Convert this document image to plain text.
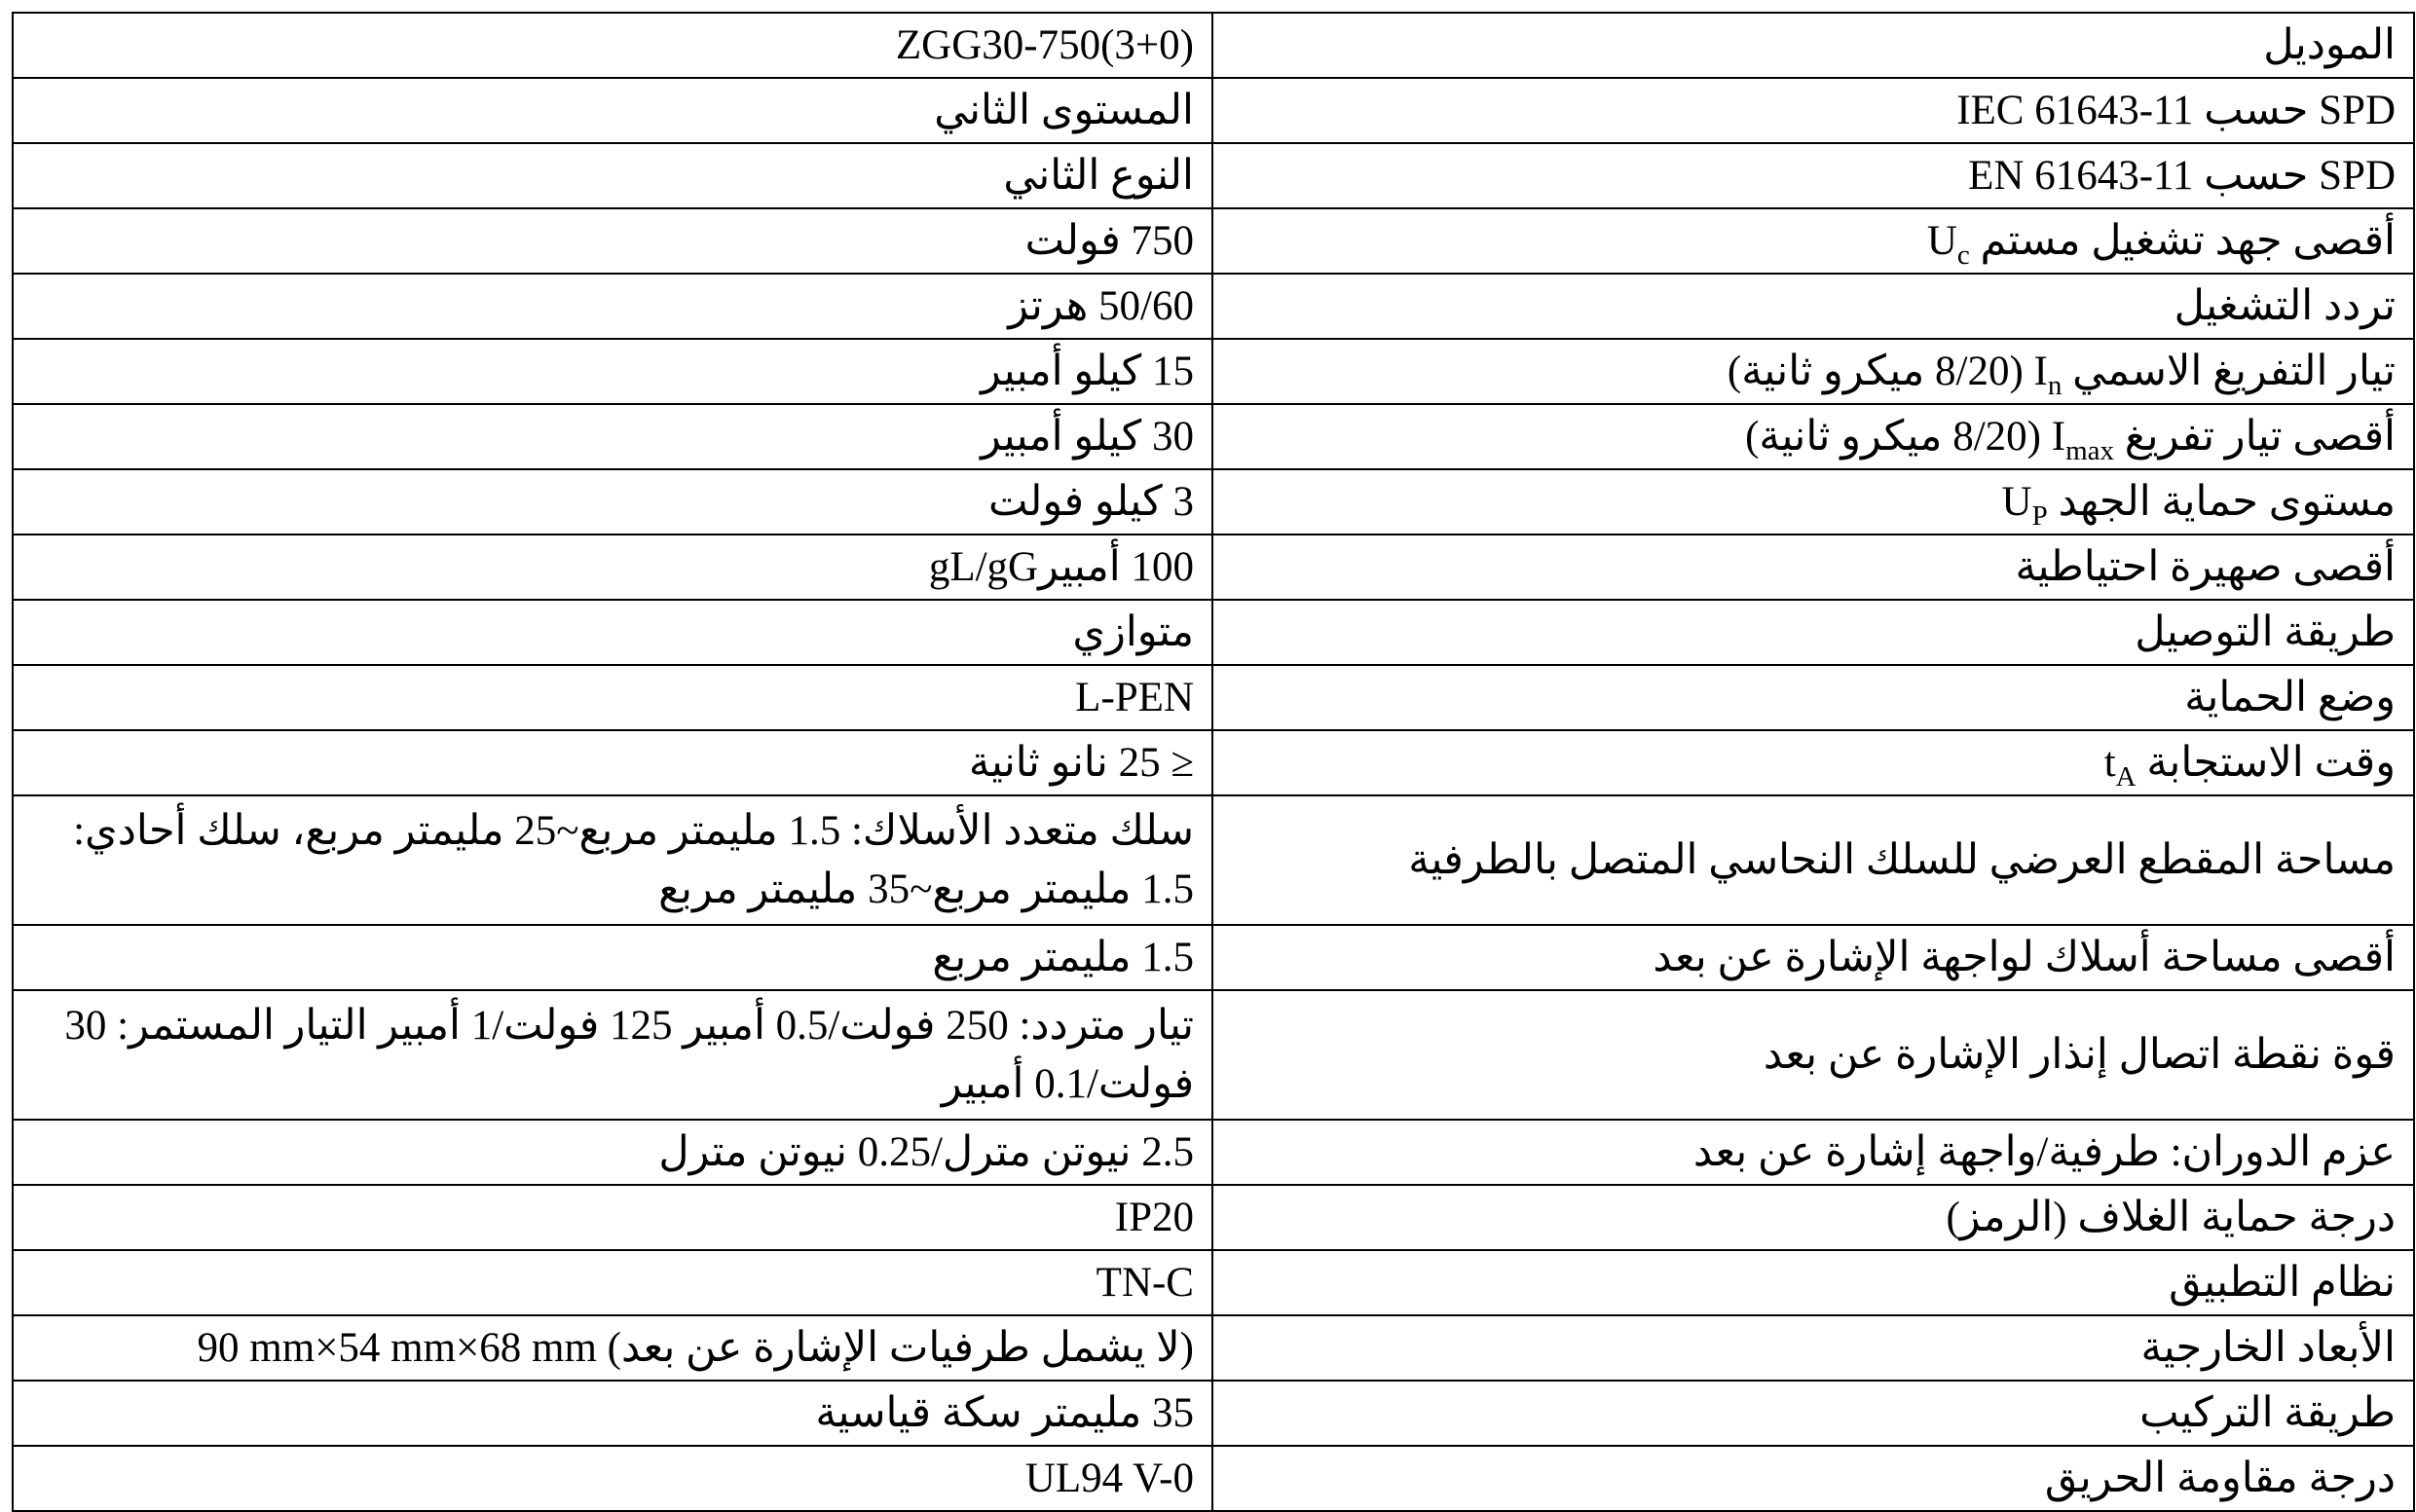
ZGG30-750(3+0)	الموديل
المستوى الثاني	SPD حسب IEC 61643-11
النوع الثاني	SPD حسب EN 61643-11
750 فولت	أقصى جهد تشغيل مستم $U_c$
50/60 هرتز	تردد التشغيل
15 كيلو أمبير	تيار التفريغ الاسمي $I_n$ (8/20 ميكرو ثانية)
30 كيلو أمبير	أقصى تيار تفريغ $I_{max}$ (8/20 ميكرو ثانية)
3 كيلو فولت	مستوى حماية الجهد $U_P$
100 أمبيرgL/gG	أقصى صهيرة احتياطية
متوازي	طريقة التوصيل
L-PEN	وضع الحماية
≤ 25 نانو ثانية	وقت الاستجابة $t_A$
سلك متعدد الأسلاك: 1.5 مليمتر مربع~25 مليمتر مربع، سلك أحادي: 1.5 مليمتر مربع~35 مليمتر مربع	مساحة المقطع العرضي للسلك النحاسي المتصل بالطرفية
1.5 مليمتر مربع	أقصى مساحة أسلاك لواجهة الإشارة عن بعد
تيار متردد: 250 فولت/0.5 أمبير 125 فولت/1 أمبير التيار المستمر: 30 فولت/0.1 أمبير	قوة نقطة اتصال إنذار الإشارة عن بعد
2.5 نيوتن مترل/0.25 نيوتن مترل	عزم الدوران: طرفية/واجهة إشارة عن بعد
IP20	درجة حماية الغلاف (الرمز)
TN-C	نظام التطبيق
90 mm×54 mm×68 mm (لا يشمل طرفيات الإشارة عن بعد)	الأبعاد الخارجية
35 مليمتر سكة قياسية	طريقة التركيب
UL94 V-0	درجة مقاومة الحريق
